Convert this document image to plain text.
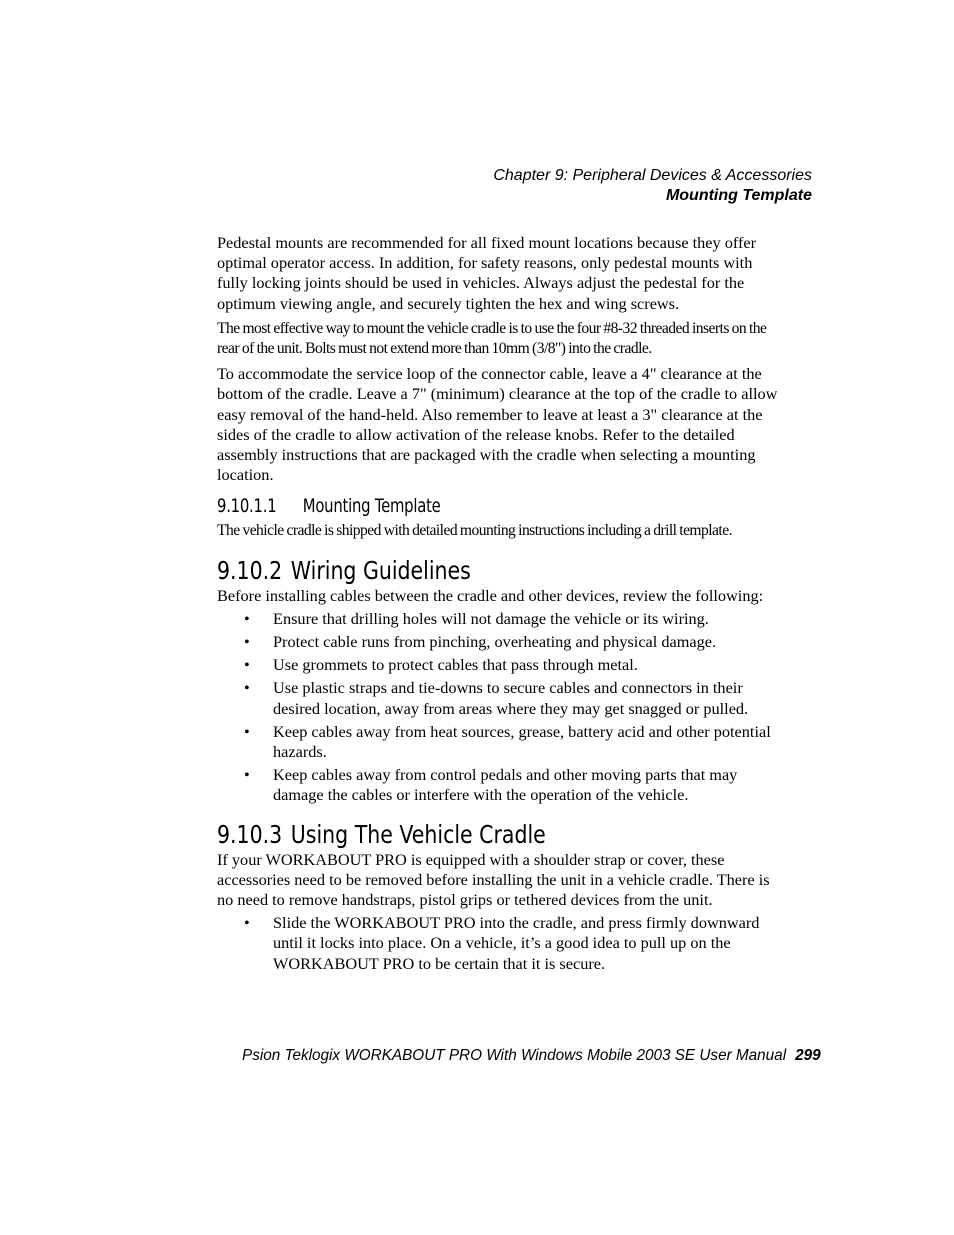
Chapter 9: Peripheral Devices & Accessories
Mounting Template

Pedestal mounts are recommended for all fixed mount locations because they offer optimal operator access. In addition, for safety reasons, only pedestal mounts with fully locking joints should be used in vehicles. Always adjust the pedestal for the optimum viewing angle, and securely tighten the hex and wing screws.

The most effective way to mount the vehicle cradle is to use the four #8-32 threaded inserts on the rear of the unit. Bolts must not extend more than 10mm (3/8") into the cradle.

To accommodate the service loop of the connector cable, leave a 4" clearance at the bottom of the cradle. Leave a 7" (minimum) clearance at the top of the cradle to allow easy removal of the hand-held. Also remember to leave at least a 3" clearance at the sides of the cradle to allow activation of the release knobs. Refer to the detailed assembly instructions that are packaged with the cradle when selecting a mounting location.

9.10.1.1 Mounting Template

The vehicle cradle is shipped with detailed mounting instructions including a drill template.

9.10.2 Wiring Guidelines

Before installing cables between the cradle and other devices, review the following:

• Ensure that drilling holes will not damage the vehicle or its wiring.
• Protect cable runs from pinching, overheating and physical damage.
• Use grommets to protect cables that pass through metal.
• Use plastic straps and tie-downs to secure cables and connectors in their desired location, away from areas where they may get snagged or pulled.
• Keep cables away from heat sources, grease, battery acid and other potential hazards.
• Keep cables away from control pedals and other moving parts that may damage the cables or interfere with the operation of the vehicle.
9.10.3 Using The Vehicle Cradle

If your WORKABOUT PRO is equipped with a shoulder strap or cover, these accessories need to be removed before installing the unit in a vehicle cradle. There is no need to remove handstraps, pistol grips or tethered devices from the unit.

• Slide the WORKABOUT PRO into the cradle, and press firmly downward until it locks into place. On a vehicle, it’s a good idea to pull up on the WORKABOUT PRO to be certain that it is secure.
Psion Teklogix WORKABOUT PRO With Windows Mobile 2003 SE User Manual 299
